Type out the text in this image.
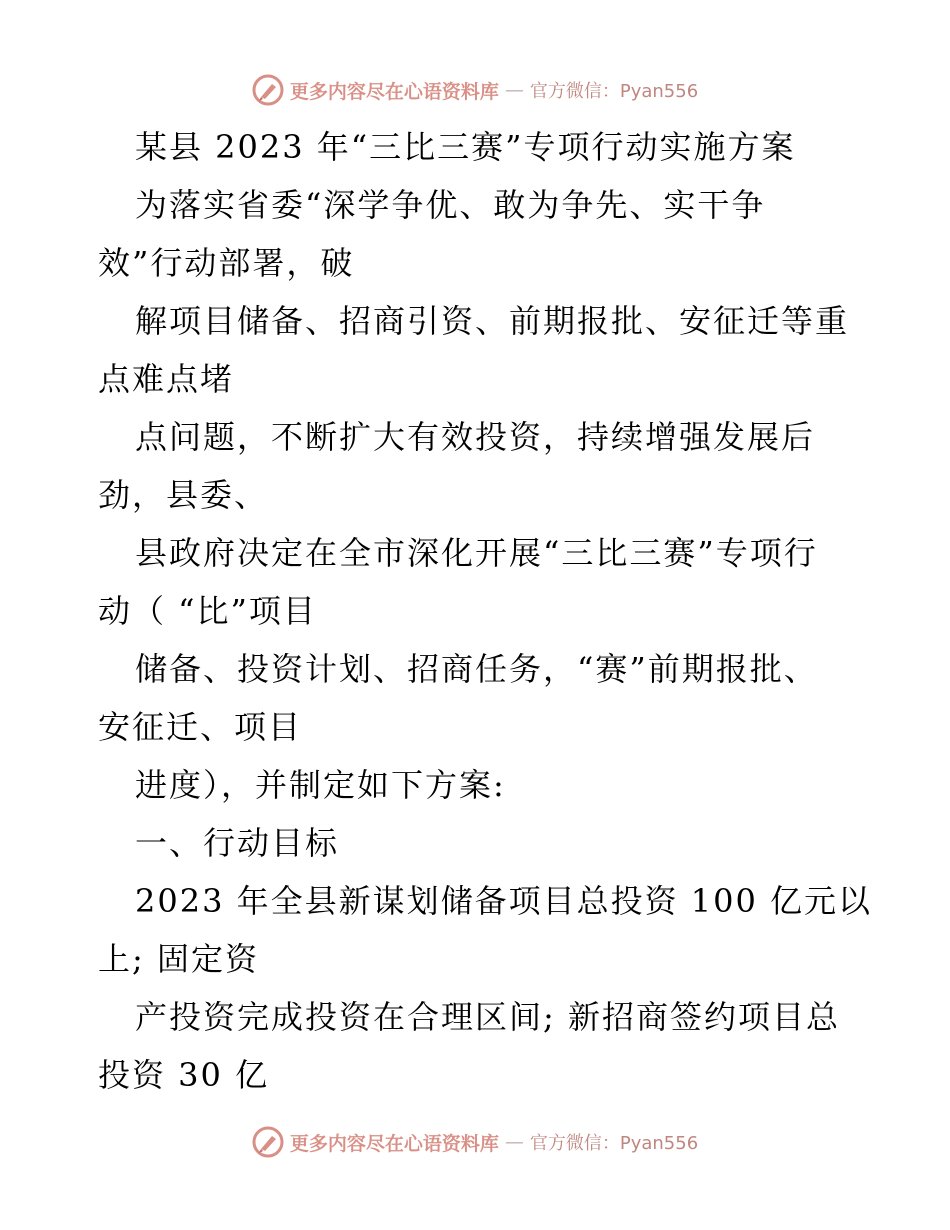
更多内容尽在心语资料库 — 官方微信：Pyan556
某县 2023 年“三比三赛”专项行动实施方案
为落实省委“深学争优、敢为争先、实干争
效”行动部署，破
解项目储备、招商引资、前期报批、安征迁等重
点难点堵
点问题，不断扩大有效投资，持续增强发展后
劲，县委、
县政府决定在全市深化开展“三比三赛”专项行
动（ “比”项目
储备、投资计划、招商任务，“赛”前期报批、
安征迁、项目
进度），并制定如下方案:
一、行动目标
2023 年全县新谋划储备项目总投资 100 亿元以
上; 固定资
产投资完成投资在合理区间; 新招商签约项目总
投资 30 亿
更多内容尽在心语资料库 — 官方微信：Pyan556
